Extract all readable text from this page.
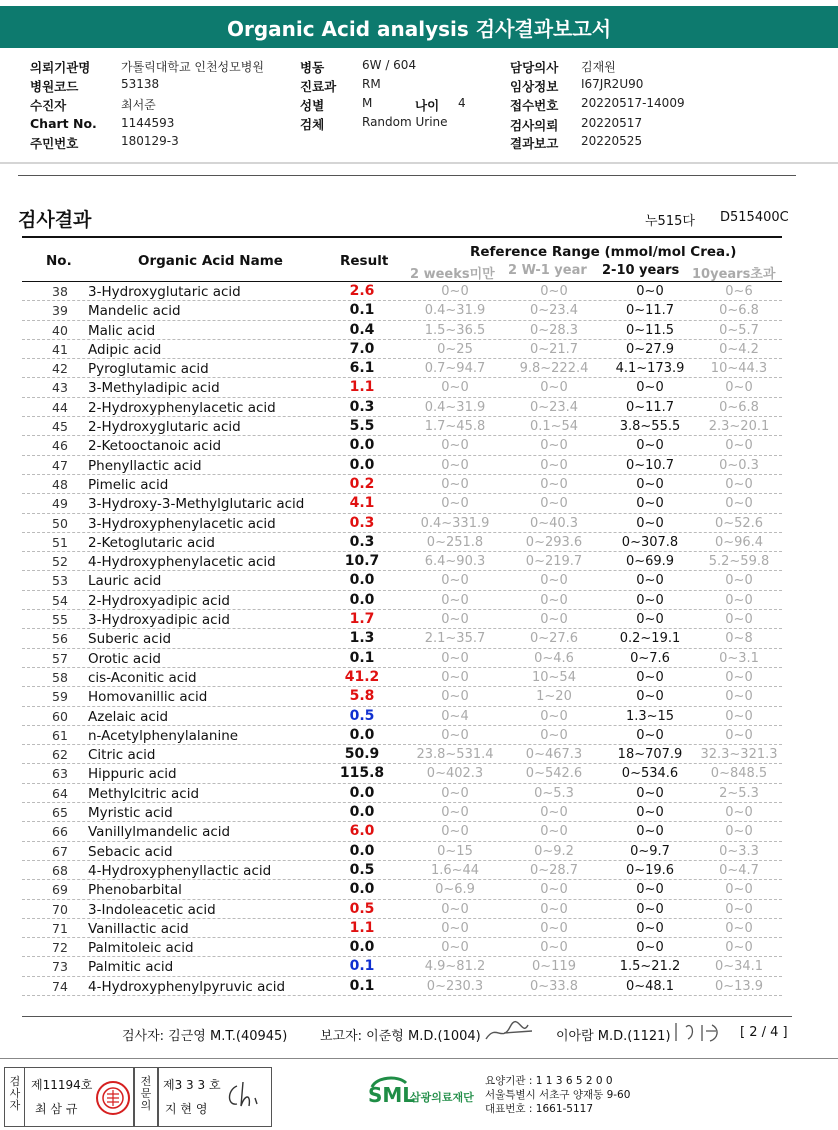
Organic Acid analysis 검사결과보고서
의뢰기관명	가톨릭대학교 인천성모병원
병원코드	53138
수진자	최서준
Chart No. 1144593
주민번호	180129-3
병동	6W / 604
진료과 RM
성별	M	나이 4
검체	Random Urine
담당의사 김재원
임상정보 I67JR2U90
접수번호 20220517-14009
검사의뢰 20220517
결과보고 20220525
검사결과	누515다 D515400C
No.	Organic Acid Name	Result
Reference Range (mmol/mol Crea.)
2 weeks미만 2 W-1 year 2-10 years 10years초과
38	3-Hydroxyglutaric acid	2.6	0~0	0~0	0~0	0~6
39	Mandelic acid	0.1	0.4~31.9	0~23.4	0~11.7	0~6.8
40	Malic acid	0.4	1.5~36.5	0~28.3	0~11.5	0~5.7
41	Adipic acid	7.0	0~25	0~21.7	0~27.9	0~4.2
42	Pyroglutamic acid	6.1	0.7~94.7	9.8~222.4	4.1~173.9	10~44.3
43	3-Methyladipic acid	1.1	0~0	0~0	0~0	0~0
44	2-Hydroxyphenylacetic acid	0.3	0.4~31.9	0~23.4	0~11.7	0~6.8
45	2-Hydroxyglutaric acid	5.5	1.7~45.8	0.1~54	3.8~55.5	2.3~20.1
46	2-Ketooctanoic acid	0.0	0~0	0~0	0~0	0~0
47	Phenyllactic acid	0.0	0~0	0~0	0~10.7	0~0.3
48	Pimelic acid	0.2	0~0	0~0	0~0	0~0
49	3-Hydroxy-3-Methylglutaric acid	4.1	0~0	0~0	0~0	0~0
50	3-Hydroxyphenylacetic acid	0.3	0.4~331.9	0~40.3	0~0	0~52.6
51	2-Ketoglutaric acid	0.3	0~251.8	0~293.6	0~307.8	0~96.4
52	4-Hydroxyphenylacetic acid	10.7	6.4~90.3	0~219.7	0~69.9	5.2~59.8
53	Lauric acid	0.0	0~0	0~0	0~0	0~0
54	2-Hydroxyadipic acid	0.0	0~0	0~0	0~0	0~0
55	3-Hydroxyadipic acid	1.7	0~0	0~0	0~0	0~0
56	Suberic acid	1.3	2.1~35.7	0~27.6	0.2~19.1	0~8
57	Orotic acid	0.1	0~0	0~4.6	0~7.6	0~3.1
58	cis-Aconitic acid	41.2	0~0	10~54	0~0	0~0
59	Homovanillic acid	5.8	0~0	1~20	0~0	0~0
60	Azelaic acid	0.5	0~4	0~0	1.3~15	0~0
61	n-Acetylphenylalanine	0.0	0~0	0~0	0~0	0~0
62	Citric acid	50.9	23.8~531.4	0~467.3	18~707.9	32.3~321.3
63	Hippuric acid	115.8	0~402.3	0~542.6	0~534.6	0~848.5
64	Methylcitric acid	0.0	0~0	0~5.3	0~0	2~5.3
65	Myristic acid	0.0	0~0	0~0	0~0	0~0
66	Vanillylmandelic acid	6.0	0~0	0~0	0~0	0~0
67	Sebacic acid	0.0	0~15	0~9.2	0~9.7	0~3.3
68	4-Hydroxyphenyllactic acid	0.5	1.6~44	0~28.7	0~19.6	0~4.7
69	Phenobarbital	0.0	0~6.9	0~0	0~0	0~0
70	3-Indoleacetic acid	0.5	0~0	0~0	0~0	0~0
71	Vanillactic acid	1.1	0~0	0~0	0~0	0~0
72	Palmitoleic acid	0.0	0~0	0~0	0~0	0~0
73	Palmitic acid	0.1	4.9~81.2	0~119	1.5~21.2	0~34.1
74	4-Hydroxyphenylpyruvic acid	0.1	0~230.3	0~33.8	0~48.1	0~13.9
검사자: 김근영 M.T.(40945)	보고자: 이준형 M.D.(1004)	이아람 M.D.(1121)	[ 2 / 4 ]
검사자
제11194호
최 삼 규
전문의
제3 3 3 호
지 현 영
SML
삼광의료재단
요양기관 : 1 1 3 6 5 2 0 0
서울특별시 서초구 양재동 9-60
대표번호 : 1661-5117
